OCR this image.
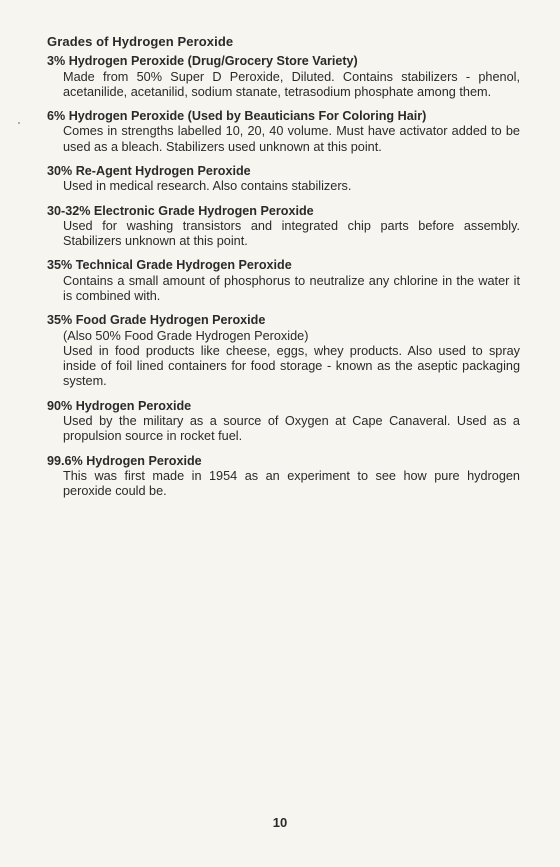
Grades of Hydrogen Peroxide
3% Hydrogen Peroxide (Drug/Grocery Store Variety)

Made from 50% Super D Peroxide, Diluted. Contains stabilizers - phenol, acetanilide, acetanilid, sodium stanate, tetrasodium phosphate among them.

6% Hydrogen Peroxide (Used by Beauticians For Coloring Hair)

Comes in strengths labelled 10, 20, 40 volume. Must have activator added to be used as a bleach. Stabilizers used unknown at this point.

30% Re-Agent Hydrogen Peroxide

Used in medical research. Also contains stabilizers.

30-32% Electronic Grade Hydrogen Peroxide

Used for washing transistors and integrated chip parts before assembly. Stabilizers unknown at this point.

35% Technical Grade Hydrogen Peroxide

Contains a small amount of phosphorus to neutralize any chlorine in the water it is combined with.

35% Food Grade Hydrogen Peroxide

(Also 50% Food Grade Hydrogen Peroxide)

Used in food products like cheese, eggs, whey products. Also used to spray inside of foil lined containers for food storage - known as the aseptic packaging system.

90% Hydrogen Peroxide

Used by the military as a source of Oxygen at Cape Canaveral. Used as a propulsion source in rocket fuel.

99.6% Hydrogen Peroxide

This was first made in 1954 as an experiment to see how pure hydrogen peroxide could be.

10
